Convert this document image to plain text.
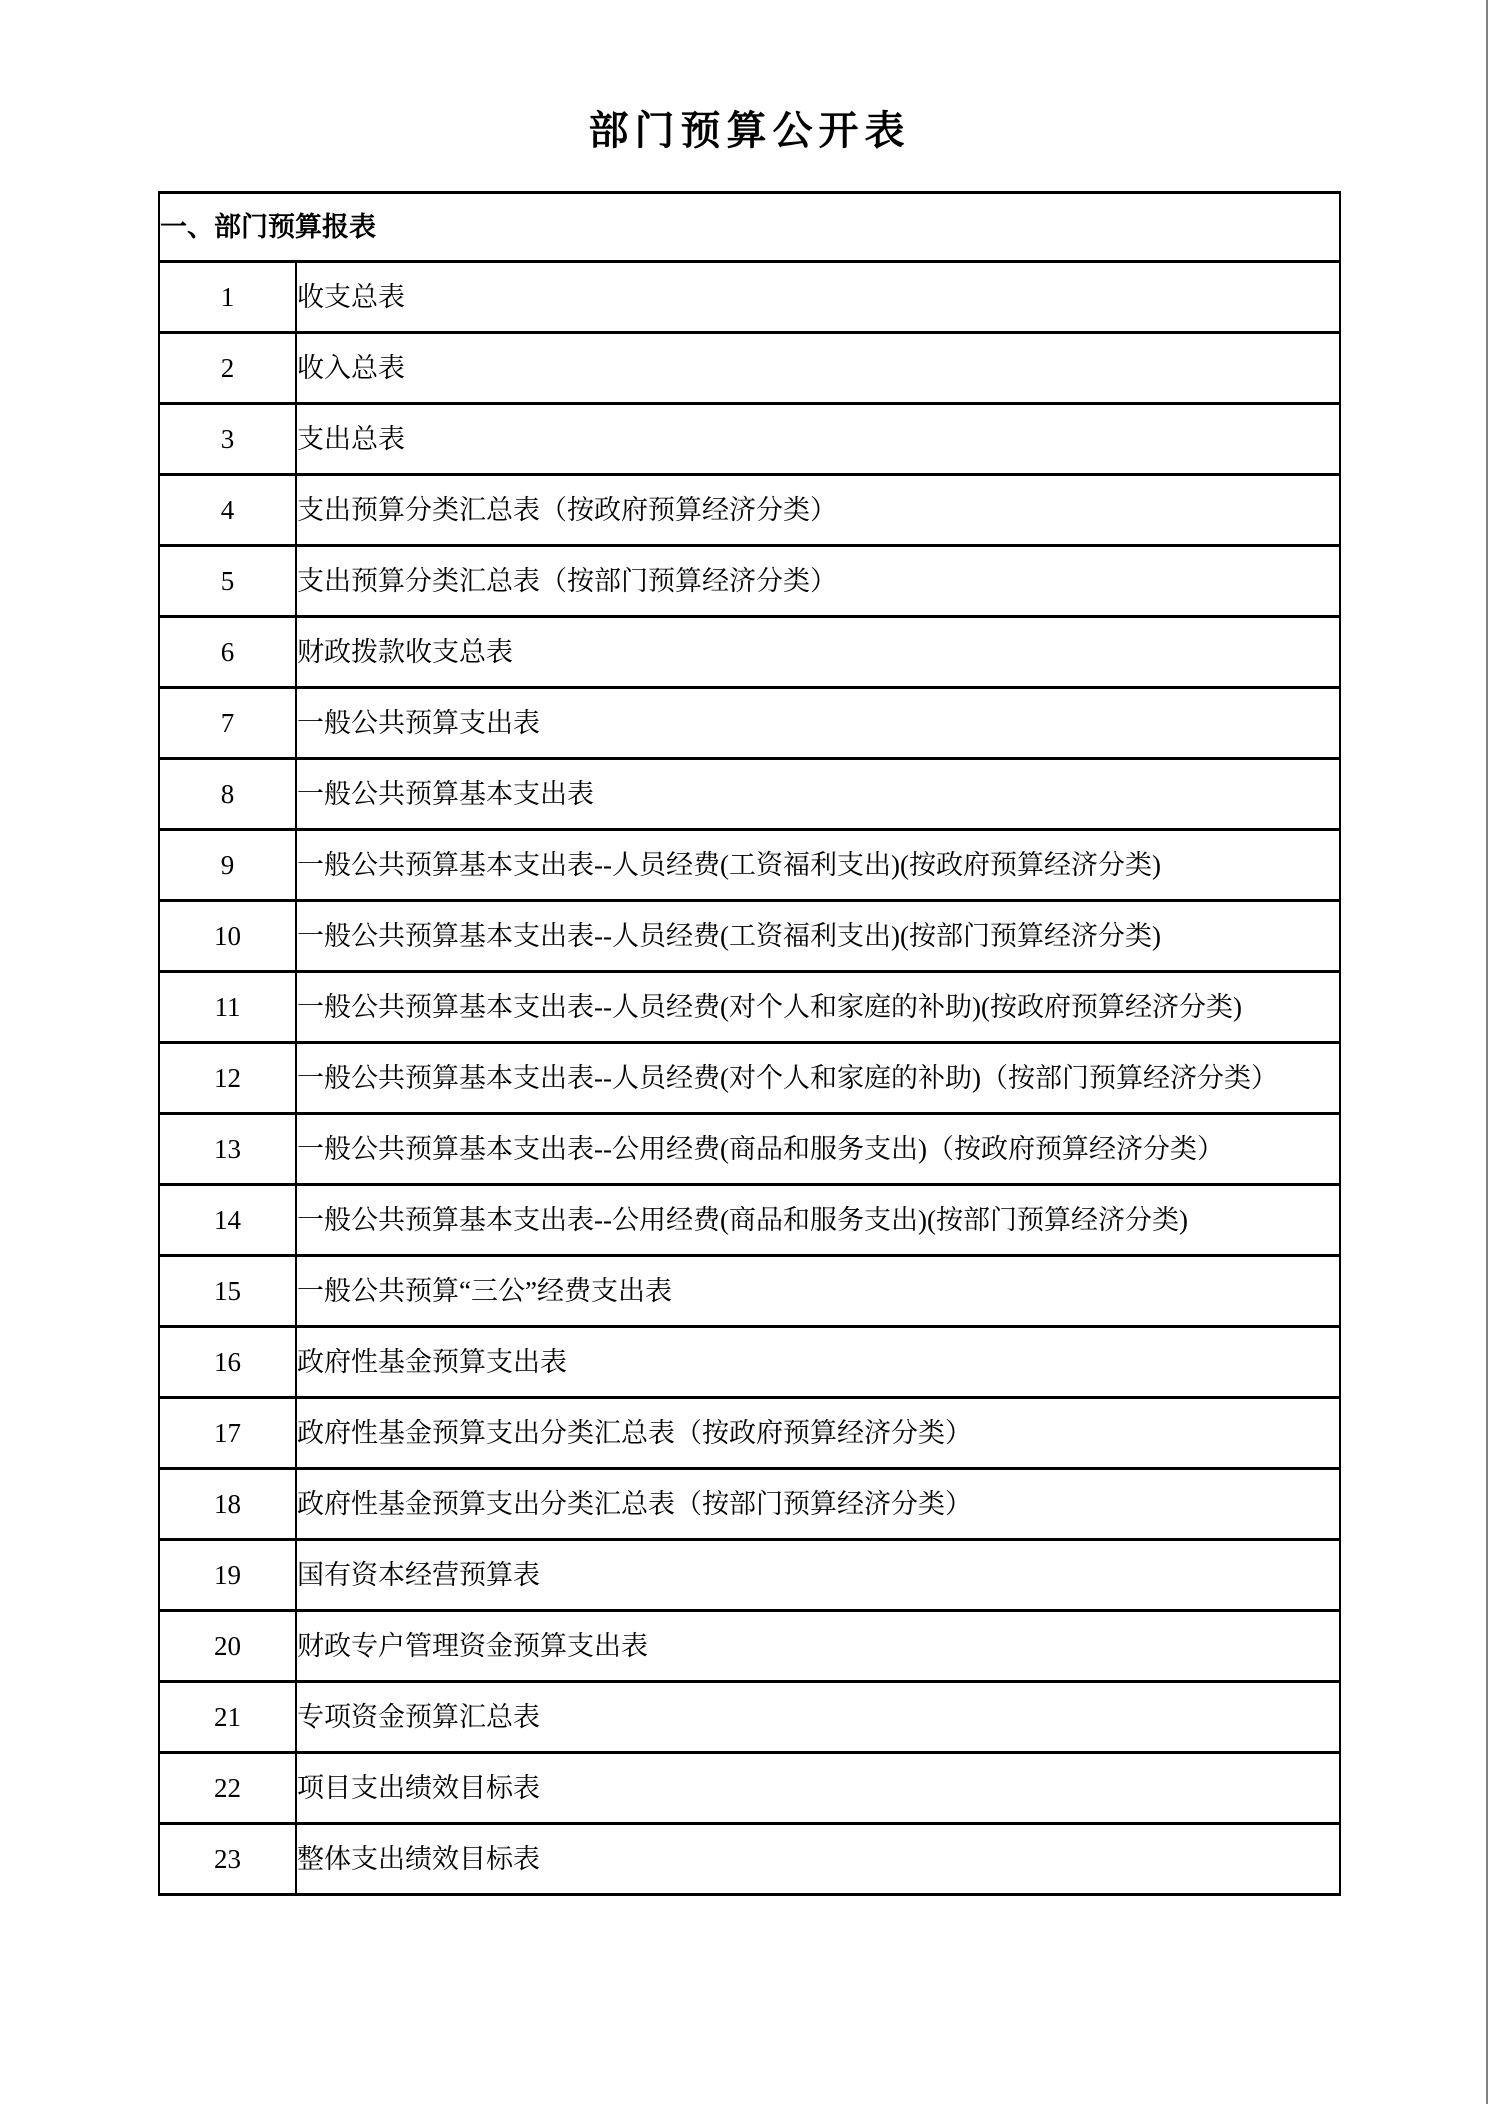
部门预算公开表
一、部门预算报表	
1	收支总表
2	收入总表
3	支出总表
4	支出预算分类汇总表（按政府预算经济分类）
5	支出预算分类汇总表（按部门预算经济分类）
6	财政拨款收支总表
7	一般公共预算支出表
8	一般公共预算基本支出表
9	一般公共预算基本支出表--人员经费(工资福利支出)(按政府预算经济分类)
10	一般公共预算基本支出表--人员经费(工资福利支出)(按部门预算经济分类)
11	一般公共预算基本支出表--人员经费(对个人和家庭的补助)(按政府预算经济分类)
12	一般公共预算基本支出表--人员经费(对个人和家庭的补助)（按部门预算经济分类）
13	一般公共预算基本支出表--公用经费(商品和服务支出)（按政府预算经济分类）
14	一般公共预算基本支出表--公用经费(商品和服务支出)(按部门预算经济分类)
15	一般公共预算“三公”经费支出表
16	政府性基金预算支出表
17	政府性基金预算支出分类汇总表（按政府预算经济分类）
18	政府性基金预算支出分类汇总表（按部门预算经济分类）
19	国有资本经营预算表
20	财政专户管理资金预算支出表
21	专项资金预算汇总表
22	项目支出绩效目标表
23	整体支出绩效目标表
